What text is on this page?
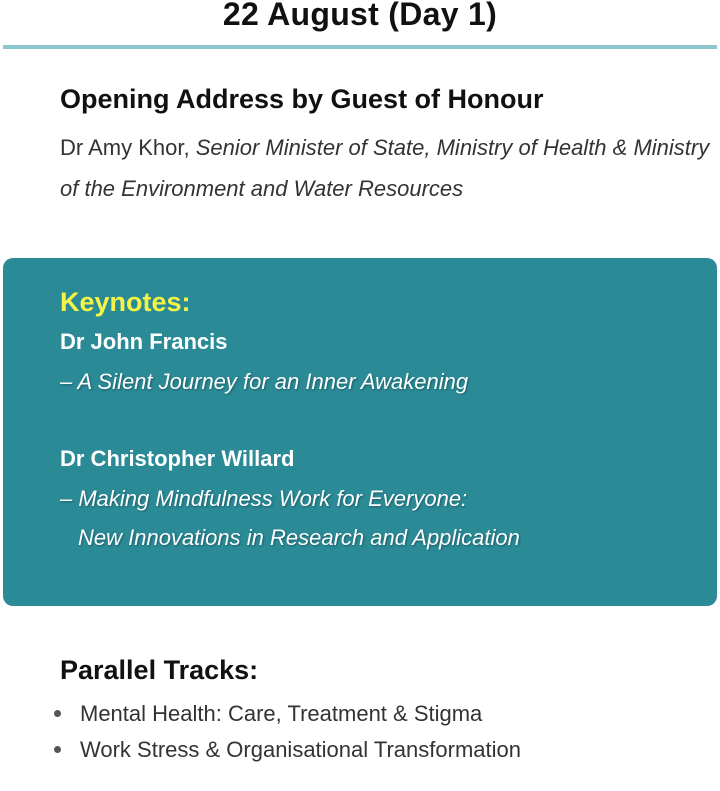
22 August (Day 1)
Opening Address by Guest of Honour
Dr Amy Khor, Senior Minister of State, Ministry of Health & Ministry of the Environment and Water Resources
Keynotes:
Dr John Francis
– A Silent Journey for an Inner Awakening
Dr Christopher Willard
– Making Mindfulness Work for Everyone:
New Innovations in Research and Application
Parallel Tracks:
Mental Health: Care, Treatment & Stigma
Work Stress & Organisational Transformation
